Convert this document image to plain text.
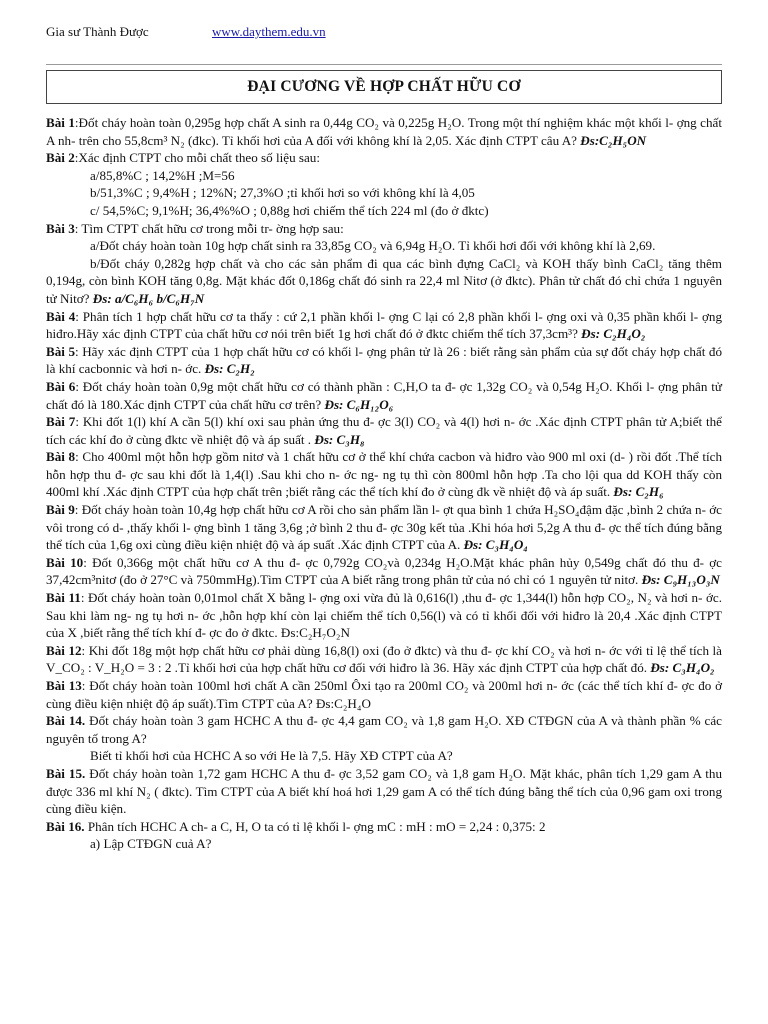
Gia sư Thành Được	www.daythem.edu.vn
ĐẠI CƯƠNG VỀ HỢP CHẤT HỮU CƠ

Bài 1:Đốt cháy hoàn toàn 0,295g hợp chất A sinh ra 0,44g CO₂ và 0,225g H₂O. Trong một thí nghiệm khác một khối l- ợng chất A nh- trên cho 55,8cm³ N₂ (đkc). Tỉ khối hơi của A đối với không khí là 2,05. Xác định CTPT câu A? Đs:C₂H₅ON

Bài 2:Xác định CTPT cho mỗi chất theo số liệu sau:

a/85,8%C ; 14,2%H ;M=56

b/51,3%C ; 9,4%H ; 12%N; 27,3%O ;tỉ khối hơi so với không khí là 4,05

c/ 54,5%C; 9,1%H; 36,4%%O ; 0,88g hơi chiếm thể tích 224 ml (đo ở đktc)

Bài 3: Tìm CTPT chất hữu cơ trong mỗi tr- ờng hợp sau:

a/Đốt cháy hoàn toàn 10g hợp chất sinh ra 33,85g CO₂ và 6,94g H₂O. Tỉ khối hơi đối với không khí là 2,69.

b/Đốt cháy 0,282g hợp chất và cho các sản phẩm đi qua các bình đựng CaCl₂ và KOH thấy bình CaCl₂ tăng thêm 0,194g, còn bình KOH tăng 0,8g. Mặt khác đốt 0,186g chất đó sinh ra 22,4 ml Nitơ (ở đktc). Phân tử chất đó chỉ chứa 1 nguyên tử Nitơ? Đs: a/C₆H₆ b/C₆H₇N

Bài 4: Phân tích 1 hợp chất hữu cơ ta thấy : cứ 2,1 phần khối l- ợng C lại có 2,8 phần khối l- ợng oxi và 0,35 phần khối l- ợng hiđro.Hãy xác định CTPT của chất hữu cơ nói trên biết 1g hơi chất đó ở đktc chiếm thể tích 37,3cm³? Đs: C₂H₄O₂

Bài 5: Hãy xác định CTPT của 1 hợp chất hữu cơ có khối l- ợng phân tử là 26 : biết rằng sản phẩm của sự đốt cháy hợp chất đó là khí cacbonnic và hơi n- ớc. Đs: C₂H₂

Bài 6: Đốt cháy hoàn toàn 0,9g một chất hữu cơ có thành phần : C,H,O ta đ- ợc 1,32g CO₂ và 0,54g H₂O. Khối l- ợng phân tử chất đó là 180.Xác định CTPT của chất hữu cơ trên? Đs: C₆H₁₂O₆

Bài 7: Khi đốt 1(l) khí A cần 5(l) khí oxi sau phản ứng thu đ- ợc 3(l) CO₂ và 4(l) hơi n- ớc .Xác định CTPT phân tử A;biết thể tích các khí đo ở cùng đktc về nhiệt độ và áp suất . Đs: C₃H₈

Bài 8: Cho 400ml một hỗn hợp gồm nitơ và 1 chất hữu cơ ở thể khí chứa cacbon và hiđro vào 900 ml oxi (d- ) rồi đốt .Thể tích hỗn hợp thu đ- ợc sau khi đốt là 1,4(l) .Sau khi cho n- ớc ng- ng tụ thì còn 800ml hỗn hợp .Ta cho lội qua dd KOH thấy còn 400ml khí .Xác định CTPT của hợp chất trên ;biết rằng các thể tích khí đo ở cùng đk về nhiệt độ và áp suất. Đs: C₂H₆

Bài 9: Đốt cháy hoàn toàn 10,4g hợp chất hữu cơ A rồi cho sản phẩm lần l- ợt qua bình 1 chứa H₂SO₄đậm đặc ,bình 2 chứa n- ớc vôi trong có d- ,thấy khối l- ợng bình 1 tăng 3,6g ;ở bình 2 thu đ- ợc 30g kết tủa .Khi hóa hơi 5,2g A thu đ- ợc thể tích đúng bằng thể tích của 1,6g oxi cùng điều kiện nhiệt độ và áp suất .Xác định CTPT của A. Đs: C₃H₄O₄

Bài 10: Đốt 0,366g một chất hữu cơ A thu đ- ợc 0,792g CO₂và 0,234g H₂O.Mặt khác phân hủy 0,549g chất đó thu đ- ợc 37,42cm³nitơ (đo ở 27°C và 750mmHg).Tìm CTPT của A biết rằng trong phân tử của nó chỉ có 1 nguyên tử nitơ. Đs: C₉H₁₃O₃N

Bài 11: Đốt cháy hoàn toàn 0,01mol chất X bằng l- ợng oxi vừa đủ là 0,616(l) ,thu đ- ợc 1,344(l) hỗn hợp CO₂, N₂ và hơi n- ớc. Sau khi làm ng- ng tụ hơi n- ớc ,hỗn hợp khí còn lại chiếm thể tích 0,56(l) và có tỉ khối đối với hiđro là 20,4 .Xác định CTPT của X ,biết rằng thể tích khí đ- ợc đo ở đktc. Đs:C₂H₇O₂N

Bài 12: Khi đốt 18g một hợp chất hữu cơ phải dùng 16,8(l) oxi (đo ở đktc) và thu đ- ợc khí CO₂ và hơi n- ớc với tỉ lệ thể tích là V_CO₂ : V_H₂O = 3 : 2 .Tỉ khối hơi của hợp chất hữu cơ đối với hiđro là 36. Hãy xác định CTPT của hợp chất đó. Đs: C₃H₄O₂

Bài 13: Đốt cháy hoàn toàn 100ml hơi chất A cần 250ml Ôxi tạo ra 200ml CO₂ và 200ml hơi n- ớc (các thể tích khí đ- ợc đo ở cùng điều kiện nhiệt độ áp suất).Tìm CTPT của A? Đs:C₂H₄O

Bài 14. Đốt cháy hoàn toàn 3 gam HCHC A thu đ- ợc 4,4 gam CO₂ và 1,8 gam H₂O. XĐ CTĐGN của A và thành phần % các nguyên tố trong A?

Biết tỉ khối hơi của HCHC A so với He là 7,5. Hãy XĐ CTPT của A?

Bài 15. Đốt cháy hoàn toàn 1,72 gam HCHC A thu đ- ợc 3,52 gam CO₂ và 1,8 gam H₂O. Mặt khác, phân tích 1,29 gam A thu được 336 ml khí N₂ ( đktc). Tìm CTPT của A biết khí hoá hơi 1,29 gam A có thể tích đúng bằng thể tích của 0,96 gam oxi trong cùng điều kiện.

Bài 16. Phân tích HCHC A ch- a C, H, O ta có tỉ lệ khối l- ợng mC : mH : mO = 2,24 : 0,375: 2

a) Lập CTĐGN cuả A?
